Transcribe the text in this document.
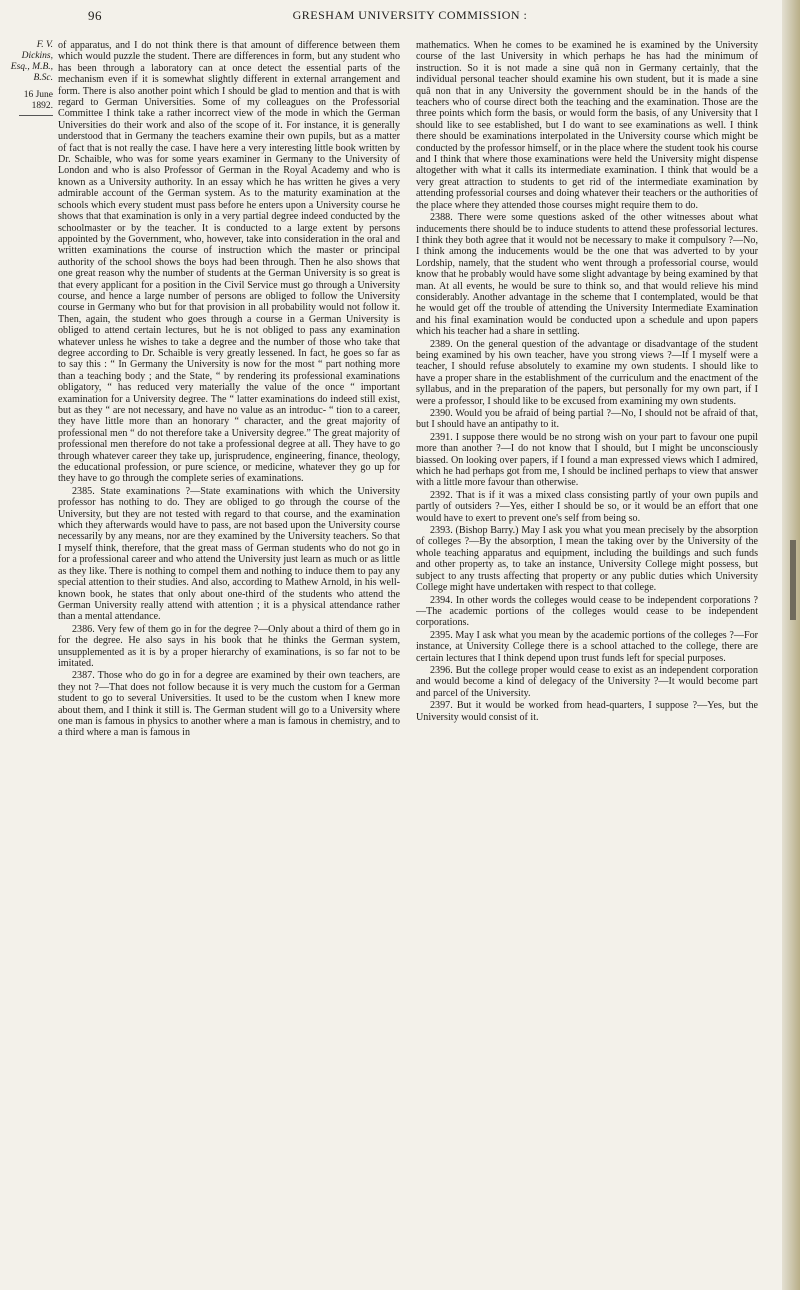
96	GRESHAM UNIVERSITY COMMISSION :
F. V. Dickins, Esq., M.B., B.Sc.
16 June 1892.

of apparatus, and I do not think there is that amount of difference between them which would puzzle the student. There are differences in form, but any student who has been through a laboratory can at once detect the essential parts of the mechanism even if it is somewhat slightly different in external arrangement and form. There is also another point which I should be glad to mention and that is with regard to German Universities. Some of my colleagues on the Professorial Committee I think take a rather incorrect view of the mode in which the German Universities do their work and also of the scope of it. For instance, it is generally understood that in Germany the teachers examine their own pupils, but as a matter of fact that is not really the case. I have here a very interesting little book written by Dr. Schaible, who was for some years examiner in Germany to the University of London and who is also Professor of German in the Royal Academy and who is known as a University authority. In an essay which he has written he gives a very admirable account of the German system. As to the maturity examination at the schools which every student must pass before he enters upon a University course he shows that that examination is only in a very partial degree indeed conducted by the schoolmaster or by the teacher. It is conducted to a large extent by persons appointed by the Government, who, however, take into consideration in the oral and written examinations the course of instruction which the master or principal authority of the school shows the boys had been through. Then he also shows that one great reason why the number of students at the German University is so great is that every applicant for a position in the Civil Service must go through a University course, and hence a large number of persons are obliged to follow the University course in Germany who but for that provision in all probability would not follow it. Then, again, the student who goes through a course in a German University is obliged to attend certain lectures, but he is not obliged to pass any examination whatever unless he wishes to take a degree and the number of those who take that degree according to Dr. Schaible is very greatly lessened. In fact, he goes so far as to say this : “ In Germany the University is now for the most “ part nothing more than a teaching body ; and the State, “ by rendering its professional examinations obligatory, “ has reduced very materially the value of the once “ important examination for a University degree. The “ latter examinations do indeed still exist, but as they “ are not necessary, and have no value as an introduc- “ tion to a career, they have little more than an honorary “ character, and the great majority of professional men “ do not therefore take a University degree.” The great majority of professional men therefore do not take a professional degree at all. They have to go through whatever career they take up, jurisprudence, engineering, finance, theology, the educational profession, or pure science, or medicine, whatever they go up for they have to go through the complete series of examinations.

2385. State examinations ?—State examinations with which the University professor has nothing to do. They are obliged to go through the course of the University, but they are not tested with regard to that course, and the examination which they afterwards would have to pass, are not based upon the University course necessarily by any means, nor are they examined by the University teachers. So that I myself think, therefore, that the great mass of German students who do not go in for a professional career and who attend the University just learn as much or as little as they like. There is nothing to compel them and nothing to induce them to pay any special attention to their studies. And also, according to Mathew Arnold, in his well-known book, he states that only about one-third of the students who attend the German University really attend with attention ; it is a physical attendance rather than a mental attendance.

2386. Very few of them go in for the degree ?—Only about a third of them go in for the degree. He also says in his book that he thinks the German system, unsupplemented as it is by a proper hierarchy of examinations, is so far not to be imitated.

2387. Those who do go in for a degree are examined by their own teachers, are they not ?—That does not follow because it is very much the custom for a German student to go to several Universities. It used to be the custom when I knew more about them, and I think it still is. The German student will go to a University where one man is famous in physics to another where a man is famous in chemistry, and to a third where a man is famous in

mathematics. When he comes to be examined he is examined by the University course of the last University in which perhaps he has had the minimum of instruction. So it is not made a sine quâ non in Germany certainly, that the individual personal teacher should examine his own student, but it is made a sine quâ non that in any University the government should be in the hands of the teachers who of course direct both the teaching and the examination. Those are the three points which form the basis, or would form the basis, of any University that I should like to see established, but I do want to see examinations as well. I think there should be examinations interpolated in the University course which might be conducted by the professor himself, or in the place where the student took his course and I think that where those examinations were held the University might dispense altogether with what it calls its intermediate examination. I think that would be a very great attraction to students to get rid of the intermediate examination by attending professorial courses and doing whatever their teachers or the authorities of the place where they attended those courses might require them to do.

2388. There were some questions asked of the other witnesses about what inducements there should be to induce students to attend these professorial lectures. I think they both agree that it would not be necessary to make it compulsory ?—No, I think among the inducements would be the one that was adverted to by your Lordship, namely, that the student who went through a professorial course, would know that he probably would have some slight advantage by being examined by that man. At all events, he would be sure to think so, and that would relieve his mind considerably. Another advantage in the scheme that I contemplated, would be that he would get off the trouble of attending the University Intermediate Examination and his final examination would be conducted upon a schedule and upon papers which his teacher had a share in settling.

2389. On the general question of the advantage or disadvantage of the student being examined by his own teacher, have you strong views ?—If I myself were a teacher, I should refuse absolutely to examine my own students. I should like to have a proper share in the establishment of the curriculum and the enactment of the syllabus, and in the preparation of the papers, but personally for my own part, if I were a professor, I should like to be excused from examining my own students.

2390. Would you be afraid of being partial ?—No, I should not be afraid of that, but I should have an antipathy to it.

2391. I suppose there would be no strong wish on your part to favour one pupil more than another ?—I do not know that I should, but I might be unconsciously biassed. On looking over papers, if I found a man expressed views which I admired, which he had perhaps got from me, I should be inclined perhaps to view that answer with a little more favour than otherwise.

2392. That is if it was a mixed class consisting partly of your own pupils and partly of outsiders ?—Yes, either I should be so, or it would be an effort that one would have to exert to prevent one's self from being so.

2393. (Bishop Barry.) May I ask you what you mean precisely by the absorption of colleges ?—By the absorption, I mean the taking over by the University of the whole teaching apparatus and equipment, including the buildings and such funds and other property as, to take an instance, University College might possess, but subject to any trusts affecting that property or any public duties which University College might have undertaken with respect to that college.

2394. In other words the colleges would cease to be independent corporations ?—The academic portions of the colleges would cease to be independent corporations.

2395. May I ask what you mean by the academic portions of the colleges ?—For instance, at University College there is a school attached to the college, there are certain lectures that I think depend upon trust funds left for special purposes.

2396. But the college proper would cease to exist as an independent corporation and would become a kind of delegacy of the University ?—It would become part and parcel of the University.

2397. But it would be worked from head-quarters, I suppose ?—Yes, but the University would consist of it.
